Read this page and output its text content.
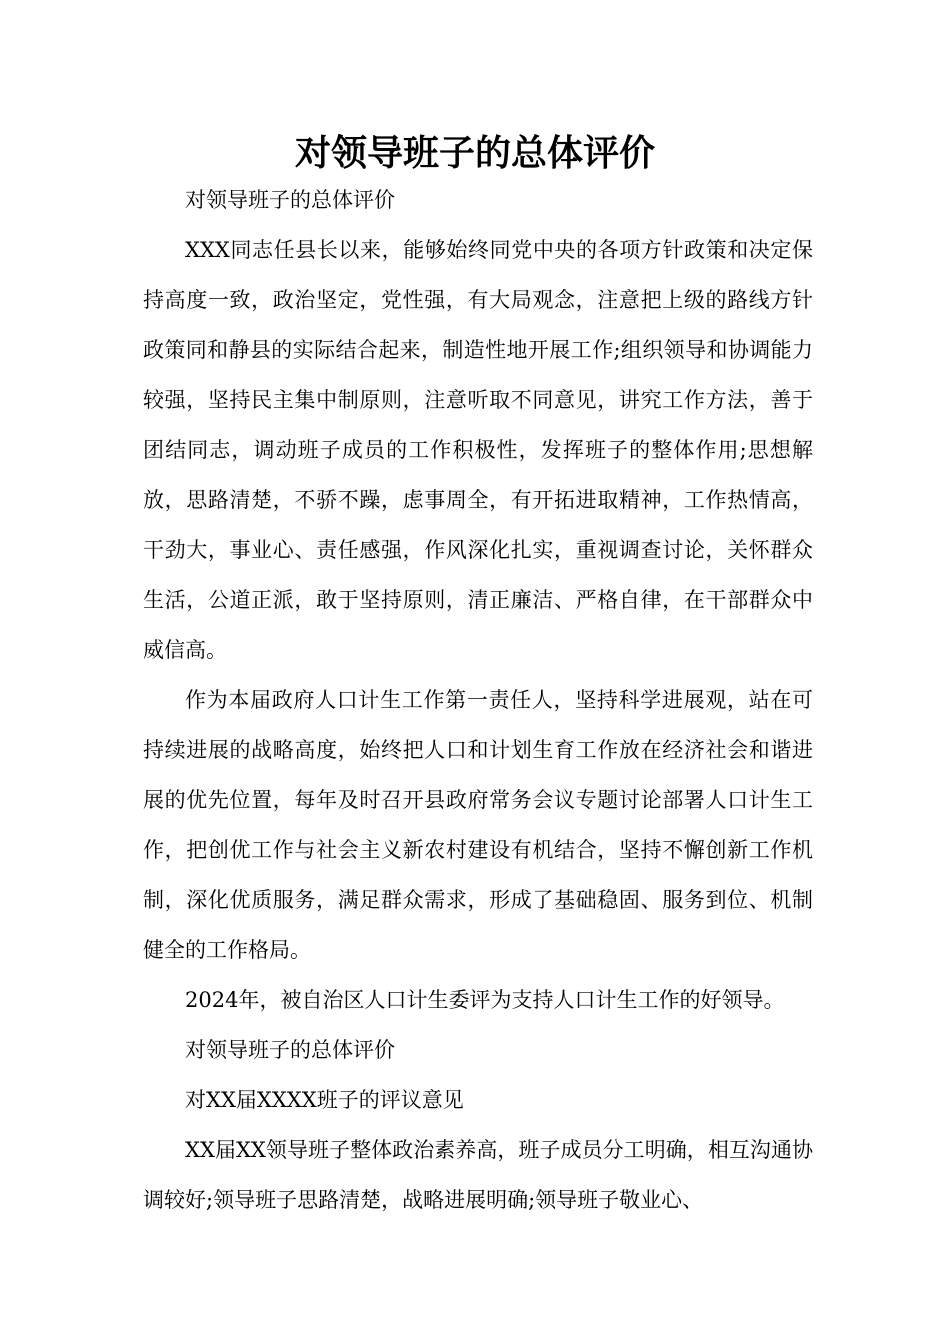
对领导班子的总体评价

对领导班子的总体评价

XXX同志任县长以来，能够始终同党中央的各项方针政策和决定保持高度一致，政治坚定，党性强，有大局观念，注意把上级的路线方针政策同和静县的实际结合起来，制造性地开展工作;组织领导和协调能力较强，坚持民主集中制原则，注意听取不同意见，讲究工作方法，善于团结同志，调动班子成员的工作积极性，发挥班子的整体作用;思想解放，思路清楚，不骄不躁，虑事周全，有开拓进取精神，工作热情高，干劲大，事业心、责任感强，作风深化扎实，重视调查讨论，关怀群众生活，公道正派，敢于坚持原则，清正廉洁、严格自律，在干部群众中威信高。

作为本届政府人口计生工作第一责任人，坚持科学进展观，站在可持续进展的战略高度，始终把人口和计划生育工作放在经济社会和谐进展的优先位置，每年及时召开县政府常务会议专题讨论部署人口计生工作，把创优工作与社会主义新农村建设有机结合，坚持不懈创新工作机制，深化优质服务，满足群众需求，形成了基础稳固、服务到位、机制健全的工作格局。

2024年，被自治区人口计生委评为支持人口计生工作的好领导。

对领导班子的总体评价

对XX届XXXX班子的评议意见

XX届XX领导班子整体政治素养高，班子成员分工明确，相互沟通协调较好;领导班子思路清楚，战略进展明确;领导班子敬业心、
